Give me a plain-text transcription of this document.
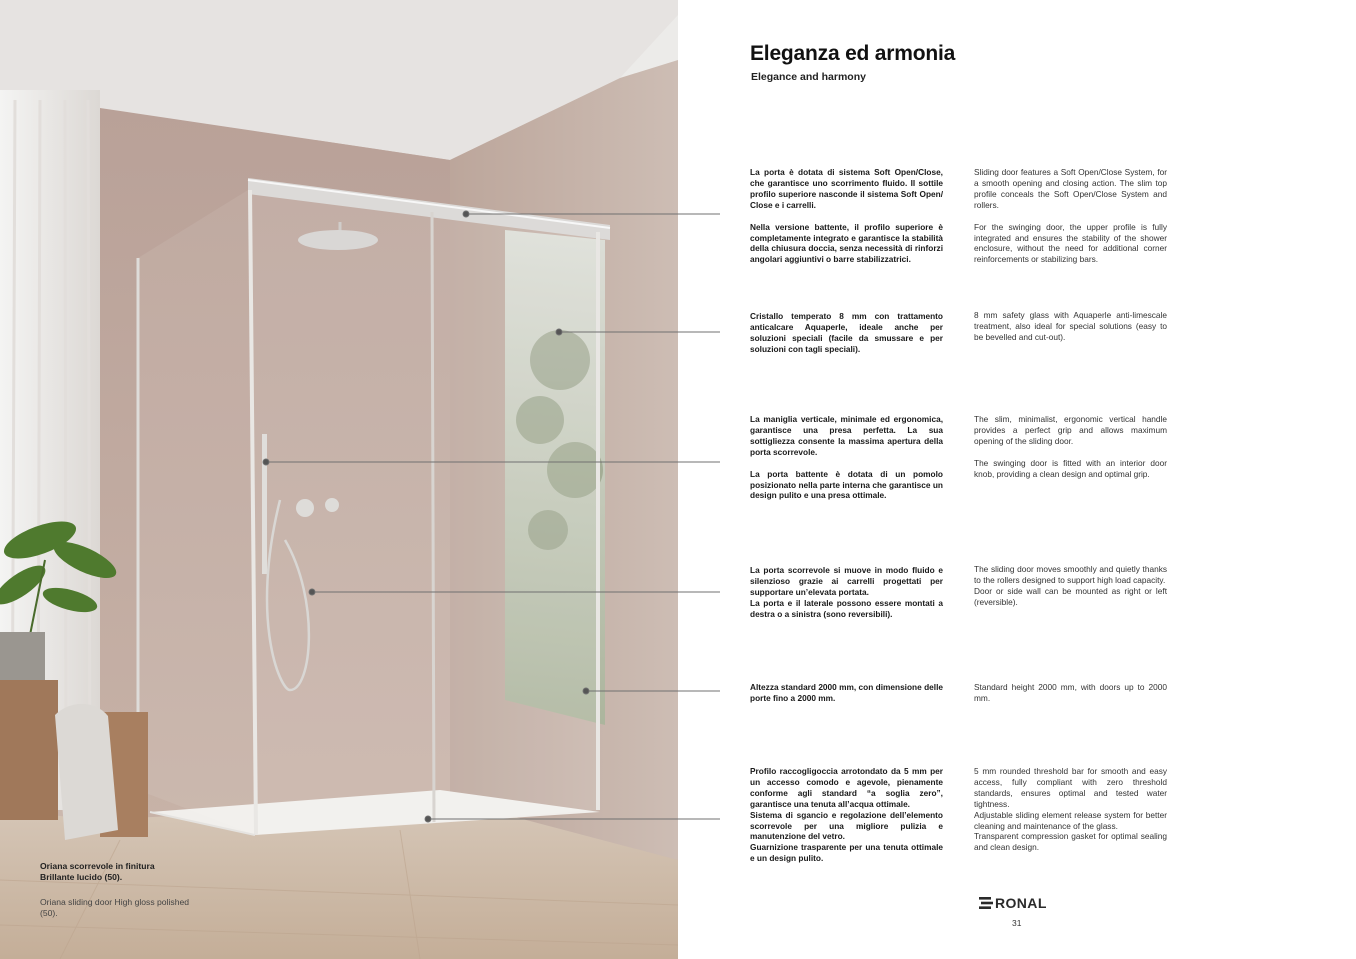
Oriana scorrevole in finitura Brillante lucido (50).
Oriana sliding door High gloss polished (50).
Eleganza ed armonia
Elegance and harmony

La porta è dotata di sistema Soft Open/Close, che garantisce uno scorrimento fluido. Il sottile profilo superiore nasconde il sistema Soft Open/ Close e i carrelli.

Nella versione battente, il profilo superiore è completamente integrato e garantisce la stabilità della chiusura doccia, senza necessità di rinforzi angolari aggiuntivi o barre stabilizzatrici.

Sliding door features a Soft Open/Close System, for a smooth opening and closing action. The slim top profile conceals the Soft Open/Close System and rollers.

For the swinging door, the upper profile is fully integrated and ensures the stability of the shower enclosure, without the need for additional corner reinforcements or stabilizing bars.

Cristallo temperato 8 mm con trattamento anticalcare Aquaperle, ideale anche per soluzioni speciali (facile da smussare e per soluzioni con tagli speciali).

8 mm safety glass with Aquaperle anti-limescale treatment, also ideal for special solutions (easy to be bevelled and cut-out).

La maniglia verticale, minimale ed ergonomica, garantisce una presa perfetta. La sua sottigliezza consente la massima apertura della porta scorrevole.

La porta battente è dotata di un pomolo posizionato nella parte interna che garantisce un design pulito e una presa ottimale.

The slim, minimalist, ergonomic vertical handle provides a perfect grip and allows maximum opening of the sliding door.

The swinging door is fitted with an interior door knob, providing a clean design and optimal grip.

La porta scorrevole si muove in modo fluido e silenzioso grazie ai carrelli progettati per supportare un’elevata portata.

La porta e il laterale possono essere montati a destra o a sinistra (sono reversibili).

The sliding door moves smoothly and quietly thanks to the rollers designed to support high load capacity.

Door or side wall can be mounted as right or left (reversible).

Altezza standard 2000 mm, con dimensione delle porte fino a 2000 mm.

Standard height 2000 mm, with doors up to 2000 mm.

Profilo raccogligoccia arrotondato da 5 mm per un accesso comodo e agevole, pienamente conforme agli standard “a soglia zero”, garantisce una tenuta all’acqua ottimale.

Sistema di sgancio e regolazione dell’elemento scorrevole per una migliore pulizia e manutenzione del vetro.

Guarnizione trasparente per una tenuta ottimale e un design pulito.

5 mm rounded threshold bar for smooth and easy access, fully compliant with zero threshold standards, ensures optimal and tested water tightness.

Adjustable sliding element release system for better cleaning and maintenance of the glass.

Transparent compression gasket for optimal sealing and clean design.

RONAL
31
